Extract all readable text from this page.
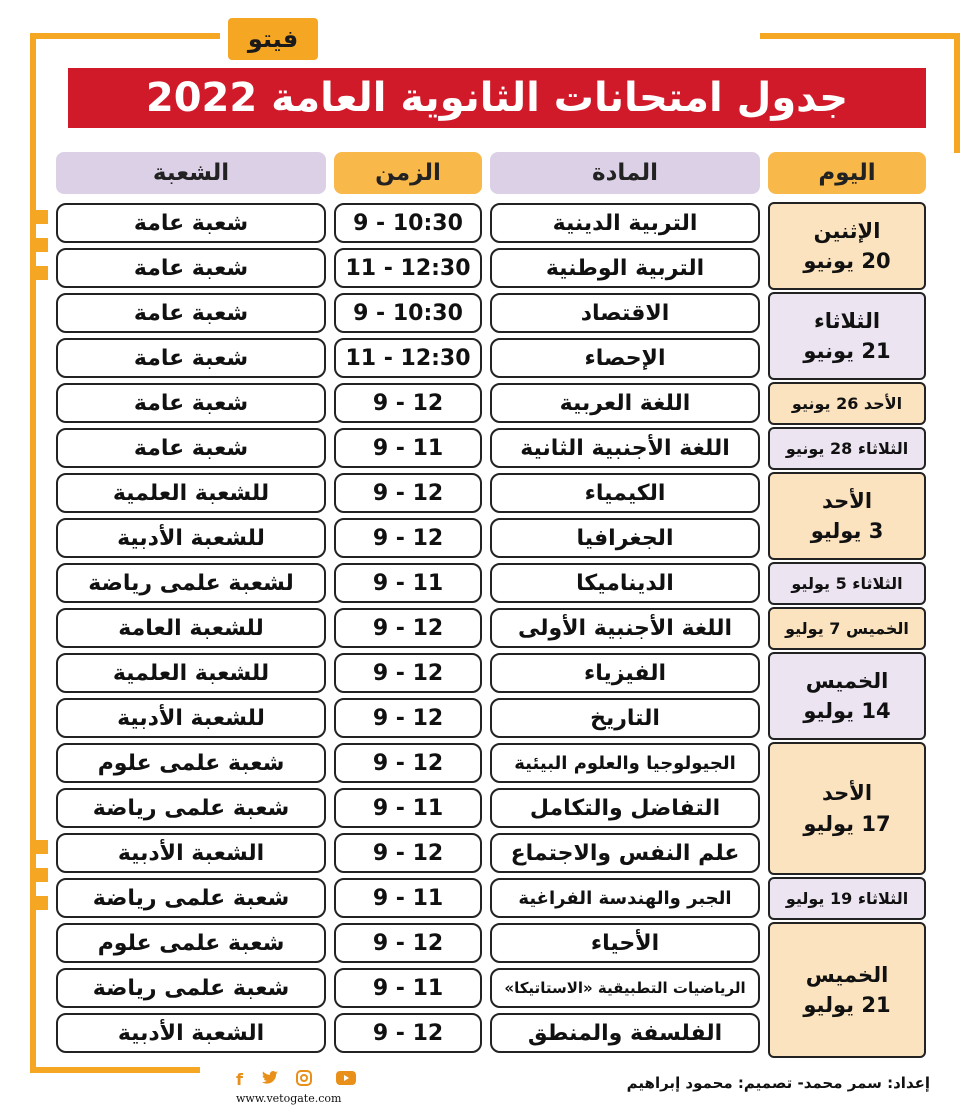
فيتو
جدول امتحانات الثانوية العامة 2022
اليوم
المادة
الزمن
الشعبة
الإثنين
20 يونيو
الثلاثاء
21 يونيو
الأحد 26 يونيو
الثلاثاء 28 يونيو
الأحد
3 يوليو
الثلاثاء 5 يوليو
الخميس 7 يوليو
الخميس
14 يوليو
الأحد
17 يوليو
الثلاثاء 19 يوليو
الخميس
21 يوليو
التربية الدينية
9 - 10:30
شعبة عامة
التربية الوطنية
11 - 12:30
شعبة عامة
الاقتصاد
9 - 10:30
شعبة عامة
الإحصاء
11 - 12:30
شعبة عامة
اللغة العربية
9 - 12
شعبة عامة
اللغة الأجنبية الثانية
9 - 11
شعبة عامة
الكيمياء
9 - 12
للشعبة العلمية
الجغرافيا
9 - 12
للشعبة الأدبية
الديناميكا
9 - 11
لشعبة علمى رياضة
اللغة الأجنبية الأولى
9 - 12
للشعبة العامة
الفيزياء
9 - 12
للشعبة العلمية
التاريخ
9 - 12
للشعبة الأدبية
الجيولوجيا والعلوم البيئية
9 - 12
شعبة علمى علوم
التفاضل والتكامل
9 - 11
شعبة علمى رياضة
علم النفس والاجتماع
9 - 12
الشعبة الأدبية
الجبر والهندسة الفراغية
9 - 11
شعبة علمى رياضة
الأحياء
9 - 12
شعبة علمى علوم
الرياضيات التطبيقية «الاستاتيكا»
9 - 11
شعبة علمى رياضة
الفلسفة والمنطق
9 - 12
الشعبة الأدبية
إعداد: سمر محمد- تصميم: محمود إبراهيم
f
www.vetogate.com
